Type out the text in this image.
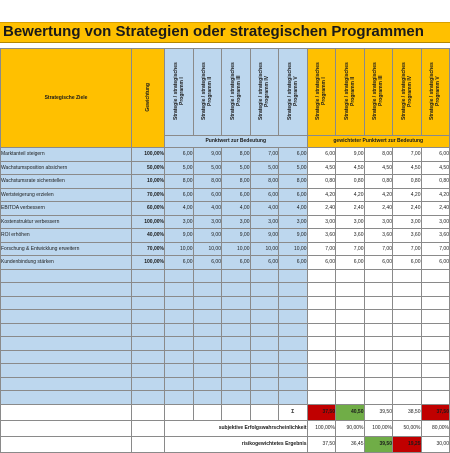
Bewertung von Strategien oder strategischen Programmen
Strategische Ziele	Gewichtung	Strategie / strategisches Programm I	Strategie / strategisches Programm II	Strategie / strategisches Programm III	Strategie / strategisches Programm IV	Strategie / strategisches Programm V	Strategie / strategisches Programm I	Strategie / strategisches Programm II	Strategie / strategisches Programm III	Strategie / strategisches Programm IV	Strategie / strategisches Programm V
		Punktwert zur Bedeutung					gewichteter Punktwert zur Bedeutung				
Marktanteil steigern	100,00%	6,00	9,00	8,00	7,00	6,00	6,00	9,00	8,00	7,00	6,00
Wachstumsposition absichern	50,00%	5,00	5,00	5,00	5,00	5,00	4,50	4,50	4,50	4,50	4,50
Wachstumsrate sicherstellen	10,00%	8,00	8,00	8,00	8,00	8,00	0,80	0,80	0,80	0,80	0,80
Wertsteigerung erzielen	70,00%	6,00	6,00	6,00	6,00	6,00	4,20	4,20	4,20	4,20	4,20
EBITDA verbessern	60,00%	4,00	4,00	4,00	4,00	4,00	2,40	2,40	2,40	2,40	2,40
Kostenstruktur verbessern	100,00%	3,00	3,00	3,00	3,00	3,00	3,00	3,00	3,00	3,00	3,00
ROI erhöhen	40,00%	9,00	9,00	9,00	9,00	9,00	3,60	3,60	3,60	3,60	3,60
Forschung & Entwicklung erweitern	70,00%	10,00	10,00	10,00	10,00	10,00	7,00	7,00	7,00	7,00	7,00
Kundenbindung stärken	100,00%	6,00	6,00	6,00	6,00	6,00	6,00	6,00	6,00	6,00	6,00

						Σ	37,50	40,50	39,50	38,50	37,50
		subjektive Erfolgswahrscheinlichkeit					100,00%	90,00%	100,00%	50,00%	80,00%
		risikogewichtetes Ergebnis					37,50	36,45	39,50	19,25	30,00
